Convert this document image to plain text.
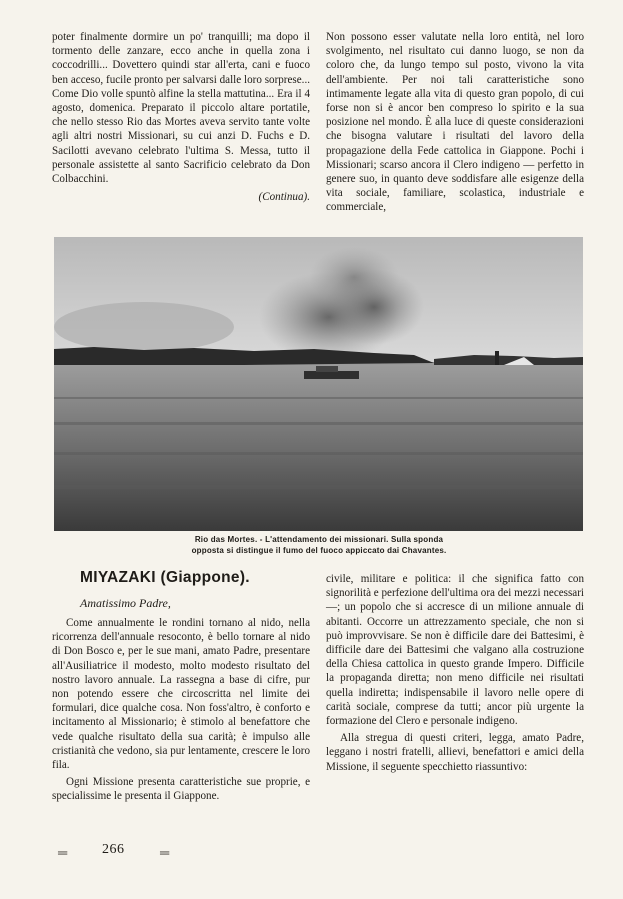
poter finalmente dormire un po' tranquilli; ma dopo il tormento delle zanzare, ecco anche in quella zona i coccodrilli... Dovettero quindi star all'erta, cani e fuoco ben acceso, fucile pronto per salvarsi dalle loro sorprese... Come Dio volle spuntò alfine la stella mattutina... Era il 4 agosto, domenica. Preparato il piccolo altare portatile, che nello stesso Rio das Mortes aveva servito tante volte agli altri nostri Missionari, su cui anzi D. Fuchs e D. Sacilotti avevano celebrato l'ultima S. Messa, tutto il personale assistette al santo Sacrificio celebrato da Don Colbacchini.

(Continua).

Non possono esser valutate nella loro entità, nel loro svolgimento, nel risultato cui danno luogo, se non da coloro che, da lungo tempo sul posto, vivono la vita dell'ambiente. Per noi tali caratteristiche sono intimamente legate alla vita di questo gran popolo, di cui forse non si è ancor ben compreso lo spirito e la sua posizione nel mondo. È alla luce di queste considerazioni che bisogna valutare i risultati del lavoro della propagazione della Fede cattolica in Giappone. Pochi i Missionari; scarso ancora il Clero indigeno — perfetto in genere suo, in quanto deve soddisfare alle esigenze della vita sociale, familiare, scolastica, industriale e commerciale,

Rio das Mortes. - L'attendamento dei missionari. Sulla sponda
opposta si distingue il fumo del fuoco appiccato dai Chavantes.
MIYAZAKI (Giappone).
Amatissimo Padre,

Come annualmente le rondini tornano al nido, nella ricorrenza dell'annuale resoconto, è bello tornare al nido di Don Bosco e, per le sue mani, amato Padre, presentare all'Ausiliatrice il modesto, molto modesto risultato del nostro lavoro annuale. La rassegna a base di cifre, pur non potendo essere che circoscritta nel limite dei formulari, dice qualche cosa. Non foss'altro, è conforto e incitamento al Missionario; è stimolo al benefattore che vede qualche risultato della sua carità; è impulso alle cristianità che vedono, sia pur lentamente, crescere le loro fila.

Ogni Missione presenta caratteristiche sue proprie, e specialissime le presenta il Giappone.

civile, militare e politica: il che significa fatto con signorilità e perfezione dell'ultima ora dei mezzi necessari —; un popolo che si accresce di un milione annuale di abitanti. Occorre un attrezzamento speciale, che non si può improvvisare. Se non è difficile dare dei Battesimi, è difficile dare dei Battesimi che valgano alla costruzione della Chiesa cattolica in questo grande Impero. Difficile la propaganda diretta; non meno difficile nei risultati quella indiretta; indispensabile il lavoro nelle opere di carità sociale, comprese da tutti; ancor più urgente la formazione del Clero e personale indigeno.

Alla stregua di questi criteri, legga, amato Padre, leggano i nostri fratelli, allievi, benefattori e amici della Missione, il seguente specchietto riassuntivo:

═ 266	═
